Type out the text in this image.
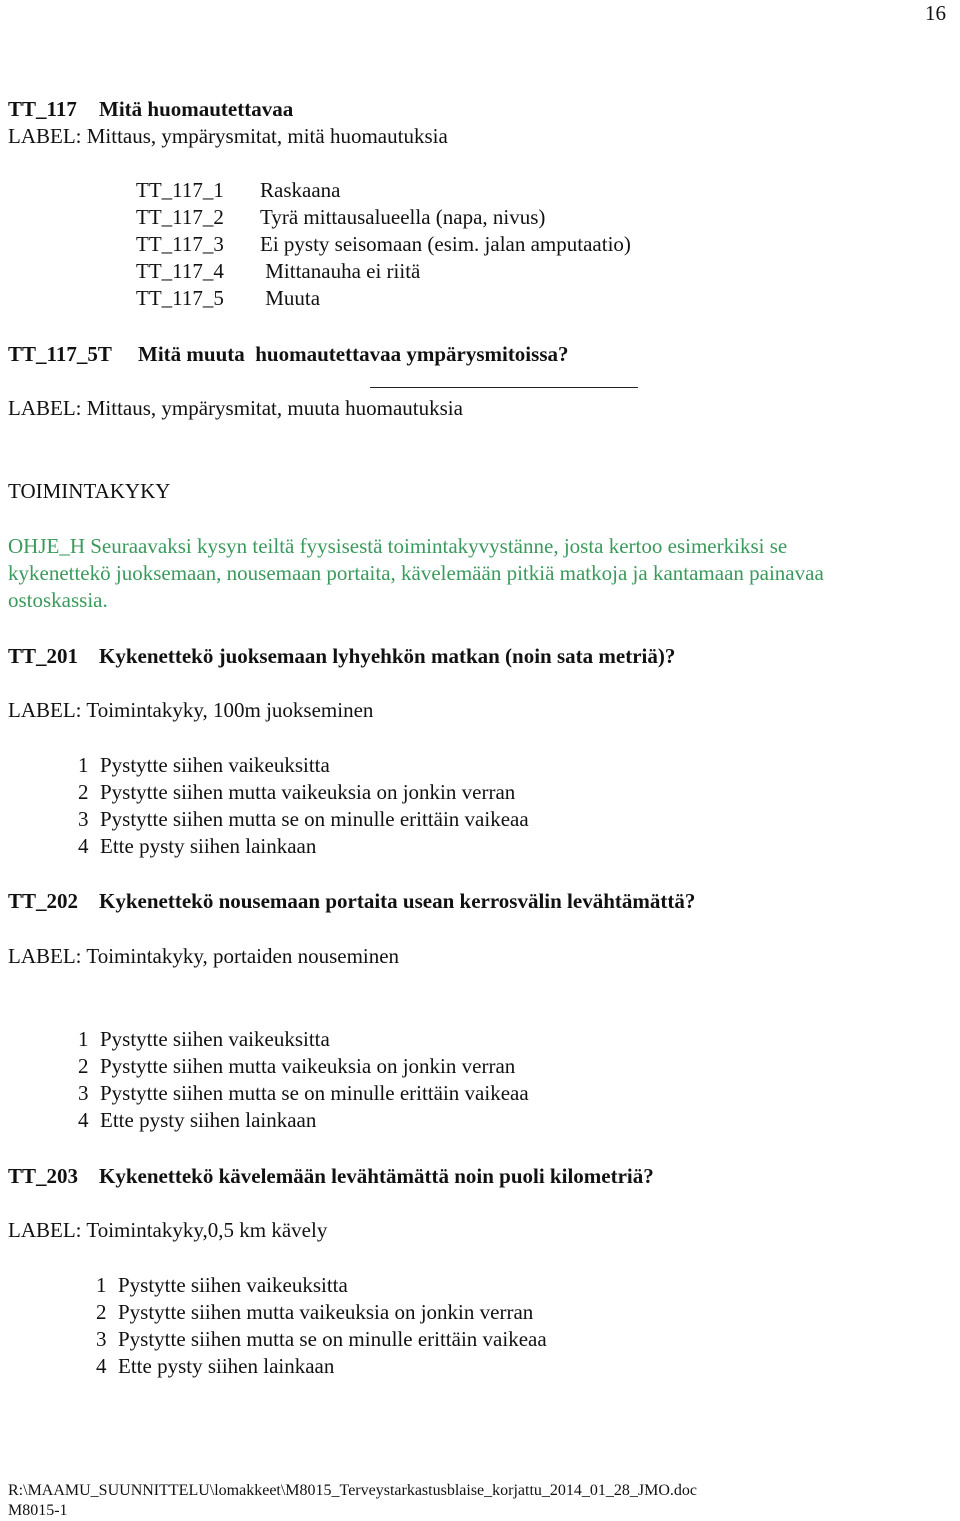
16
TT_117 Mitä huomautettavaa
LABEL: Mittaus, ympärysmitat, mitä huomautuksia
TT_117_1 Raskaana
TT_117_2 Tyrä mittausalueella (napa, nivus)
TT_117_3 Ei pysty seisomaan (esim. jalan amputaatio)
TT_117_4 Mittanauha ei riitä
TT_117_5 Muuta
TT_117_5T Mitä muuta  huomautettavaa ympärysmitoissa?
LABEL: Mittaus, ympärysmitat, muuta huomautuksia
TOIMINTAKYKY
OHJE_H Seuraavaksi kysyn teiltä fyysisestä toimintakyvystänne, josta kertoo esimerkiksi se
kykenettekö juoksemaan, nousemaan portaita, kävelemään pitkiä matkoja ja kantamaan painavaa
ostoskassia.
TT_201 Kykenettekö juoksemaan lyhyehkön matkan (noin sata metriä)?
LABEL: Toimintakyky, 100m juokseminen
1 Pystytte siihen vaikeuksitta
2 Pystytte siihen mutta vaikeuksia on jonkin verran
3 Pystytte siihen mutta se on minulle erittäin vaikeaa
4 Ette pysty siihen lainkaan
TT_202 Kykenettekö nousemaan portaita usean kerrosvälin levähtämättä?
LABEL: Toimintakyky, portaiden nouseminen
1 Pystytte siihen vaikeuksitta
2 Pystytte siihen mutta vaikeuksia on jonkin verran
3 Pystytte siihen mutta se on minulle erittäin vaikeaa
4 Ette pysty siihen lainkaan
TT_203 Kykenettekö kävelemään levähtämättä noin puoli kilometriä?
LABEL: Toimintakyky,0,5 km kävely
1 Pystytte siihen vaikeuksitta
2 Pystytte siihen mutta vaikeuksia on jonkin verran
3 Pystytte siihen mutta se on minulle erittäin vaikeaa
4 Ette pysty siihen lainkaan
R:\MAAMU_SUUNNITTELU\lomakkeet\M8015_Terveystarkastusblaise_korjattu_2014_01_28_JMO.doc
M8015-1
